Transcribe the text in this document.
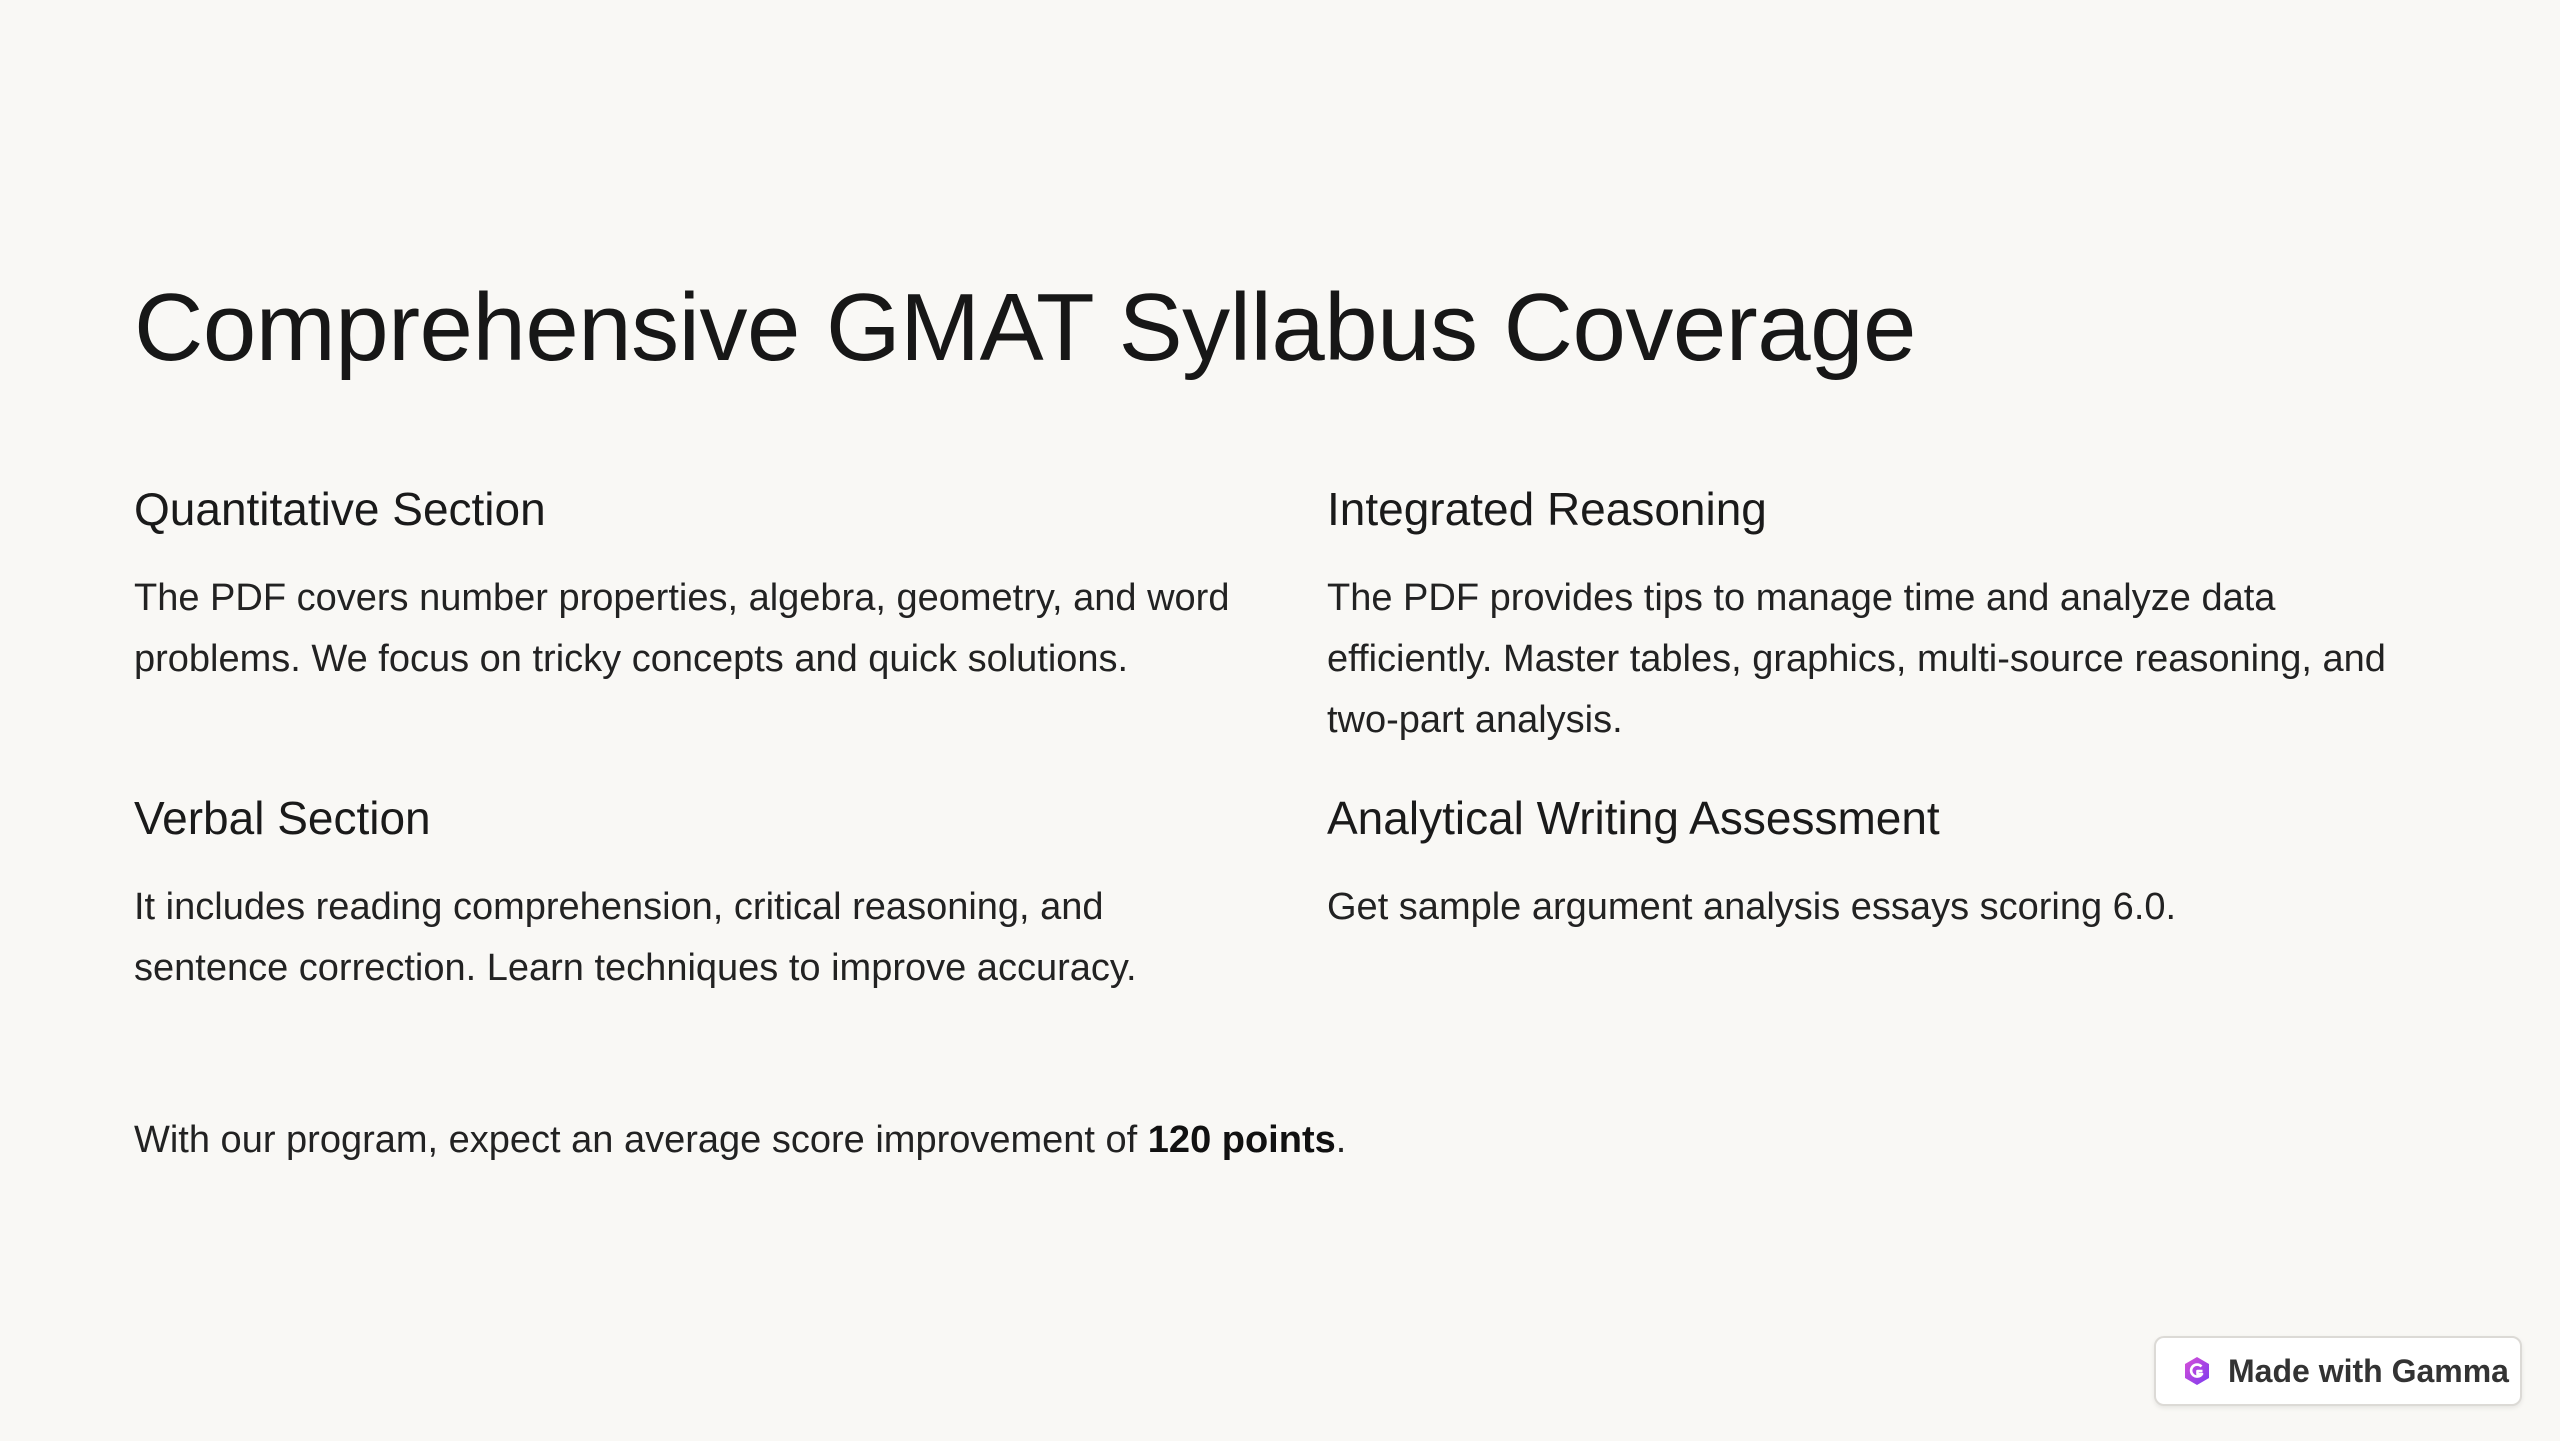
Comprehensive GMAT Syllabus Coverage
Quantitative Section

The PDF covers number properties, algebra, geometry, and word problems. We focus on tricky concepts and quick solutions.

Integrated Reasoning

The PDF provides tips to manage time and analyze data efficiently. Master tables, graphics, multi-source reasoning, and two-part analysis.

Verbal Section

It includes reading comprehension, critical reasoning, and sentence correction. Learn techniques to improve accuracy.

Analytical Writing Assessment

Get sample argument analysis essays scoring 6.0.

With our program, expect an average score improvement of 120 points.

Made with Gamma
